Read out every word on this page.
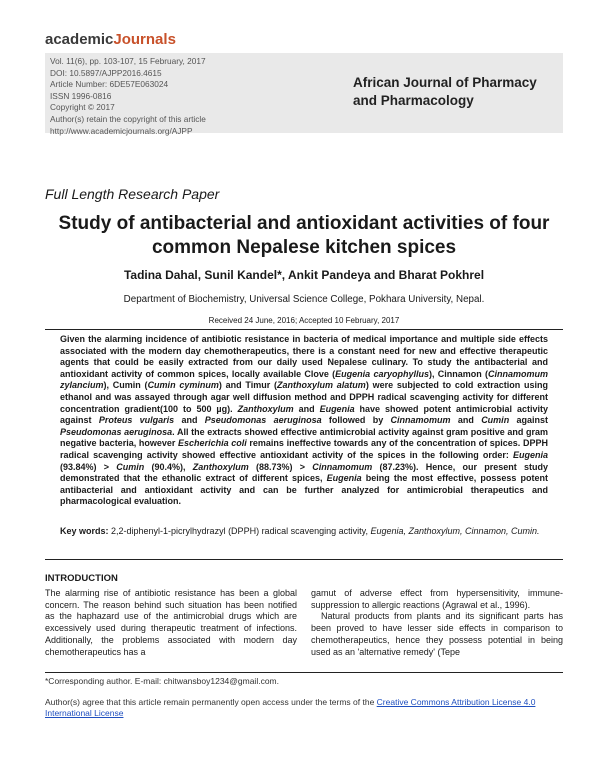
academicJournals
Vol. 11(6), pp. 103-107, 15 February, 2017
DOI: 10.5897/AJPP2016.4615
Article Number: 6DE57E063024
ISSN 1996-0816
Copyright © 2017
Author(s) retain the copyright of this article
http://www.academicjournals.org/AJPP
African Journal of Pharmacy and Pharmacology
Full Length Research Paper
Study of antibacterial and antioxidant activities of four common Nepalese kitchen spices
Tadina Dahal, Sunil Kandel*, Ankit Pandeya and Bharat Pokhrel
Department of Biochemistry, Universal Science College, Pokhara University, Nepal.
Received 24 June, 2016; Accepted 10 February, 2017

Given the alarming incidence of antibiotic resistance in bacteria of medical importance and multiple side effects associated with the modern day chemotherapeutics, there is a constant need for new and effective therapeutic agents that could be easily extracted from our daily used Nepalese culinary. To study the antibacterial and antioxidant activity of common spices, locally available Clove (Eugenia caryophyllus), Cinnamon (Cinnamomum zylancium), Cumin (Cumin cyminum) and Timur (Zanthoxylum alatum) were subjected to cold extraction using ethanol and was assayed through agar well diffusion method and DPPH radical scavenging activity for different concentration gradient(100 to 500 µg). Zanthoxylum and Eugenia have showed potent antimicrobial activity against Proteus vulgaris and Pseudomonas aeruginosa followed by Cinnamomum and Cumin against Pseudomonas aeruginosa. All the extracts showed effective antimicrobial activity against gram positive and gram negative bacteria, however Escherichia coli remains ineffective towards any of the concentration of spices. DPPH radical scavenging activity showed effective antioxidant activity of the spices in the following order: Eugenia (93.84%) > Cumin (90.4%), Zanthoxylum (88.73%) > Cinnamomum (87.23%). Hence, our present study demonstrated that the ethanolic extract of different spices, Eugenia being the most effective, possess potent antibacterial and antioxidant activity and can be further analyzed for antimicrobial therapeutics and pharmacological evaluation.

Key words: 2,2-diphenyl-1-picrylhydrazyl (DPPH) radical scavenging activity, Eugenia, Zanthoxylum, Cinnamon, Cumin.

INTRODUCTION

The alarming rise of antibiotic resistance has been a global concern. The reason behind such situation has been notified as the haphazard use of the antimicrobial drugs which are excessively used during therapeutic treatment of infections. Additionally, the problems associated with modern day chemotherapeutics has a

gamut of adverse effect from hypersensitivity, immune-suppression to allergic reactions (Agrawal et al., 1996).

Natural products from plants and its significant parts has been proved to have lesser side effects in comparison to chemotherapeutics, hence they possess potential in being used as an 'alternative remedy' (Tepe

*Corresponding author. E-mail: chitwansboy1234@gmail.com.

Author(s) agree that this article remain permanently open access under the terms of the Creative Commons Attribution License 4.0 International License
